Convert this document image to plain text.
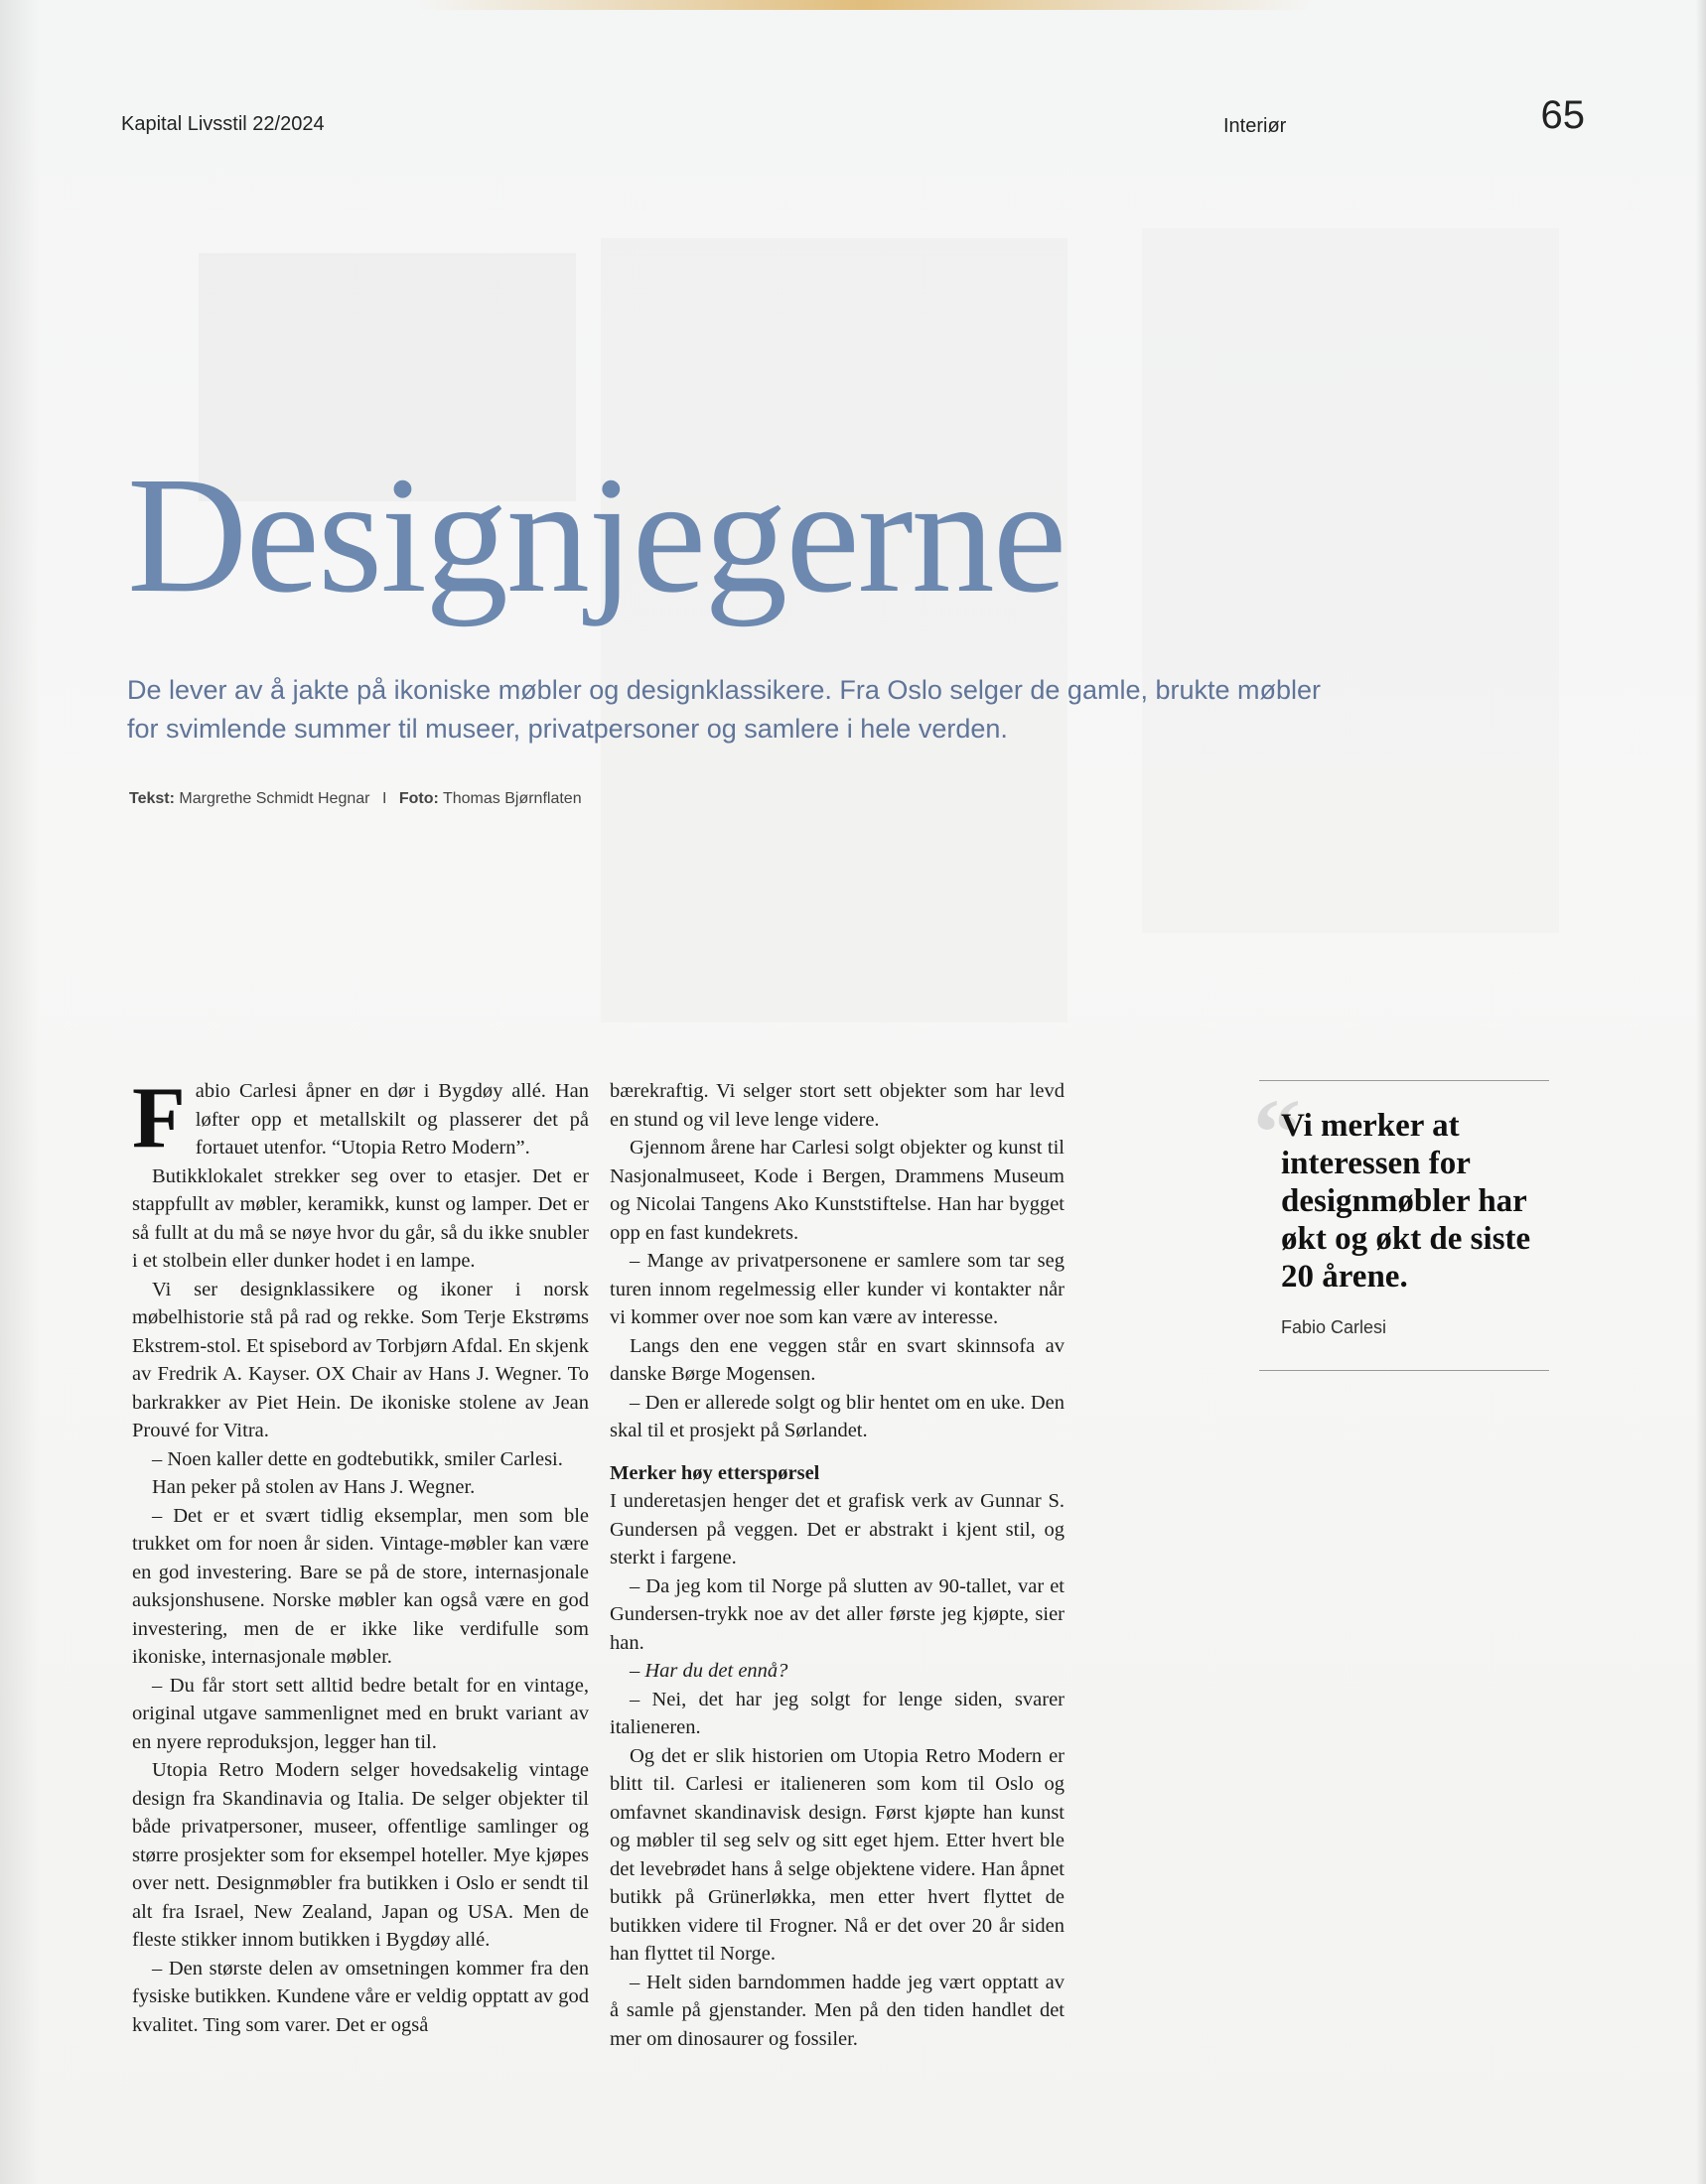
Kapital Livsstil 22/2024	Interiør	65
Designjegerne

De lever av å jakte på ikoniske møbler og designklassikere. Fra Oslo selger de gamle, brukte møbler for svimlende summer til museer, privatpersoner og samlere i hele verden.

Tekst: Margrethe Schmidt Hegnar I Foto: Thomas Bjørnflaten
F abio Carlesi åpner en dør i Bygdøy allé. Han løfter opp et metallskilt og plasserer det på fortauet utenfor. “Utopia Retro Modern”.

Butikklokalet strekker seg over to etasjer. Det er stappfullt av møbler, keramikk, kunst og lamper. Det er så fullt at du må se nøye hvor du går, så du ikke snubler i et stolbein eller dunker hodet i en lampe.

Vi ser designklassikere og ikoner i norsk møbelhistorie stå på rad og rekke. Som Terje Ekstrøms Ekstrem-stol. Et spisebord av Torbjørn Afdal. En skjenk av Fredrik A. Kayser. OX Chair av Hans J. Wegner. To barkrakker av Piet Hein. De ikoniske stolene av Jean Prouvé for Vitra.

– Noen kaller dette en godtebutikk, smiler Carlesi.

Han peker på stolen av Hans J. Wegner.

– Det er et svært tidlig eksemplar, men som ble trukket om for noen år siden. Vintage-møbler kan være en god investering. Bare se på de store, internasjonale auksjonshusene. Norske møbler kan også være en god investering, men de er ikke like verdifulle som ikoniske, internasjonale møbler.

– Du får stort sett alltid bedre betalt for en vintage, original utgave sammenlignet med en brukt variant av en nyere reproduksjon, legger han til.

Utopia Retro Modern selger hovedsakelig vintage design fra Skandinavia og Italia. De selger objekter til både privatpersoner, museer, offentlige samlinger og større prosjekter som for eksempel hoteller. Mye kjøpes over nett. Designmøbler fra butikken i Oslo er sendt til alt fra Israel, New Zealand, Japan og USA. Men de fleste stikker innom butikken i Bygdøy allé.

– Den største delen av omsetningen kommer fra den fysiske butikken. Kundene våre er veldig opptatt av god kvalitet. Ting som varer. Det er også

bærekraftig. Vi selger stort sett objekter som har levd en stund og vil leve lenge videre.

Gjennom årene har Carlesi solgt objekter og kunst til Nasjonalmuseet, Kode i Bergen, Drammens Museum og Nicolai Tangens Ako Kunststiftelse. Han har bygget opp en fast kundekrets.

– Mange av privatpersonene er samlere som tar seg turen innom regelmessig eller kunder vi kontakter når vi kommer over noe som kan være av interesse.

Langs den ene veggen står en svart skinnsofa av danske Børge Mogensen.

– Den er allerede solgt og blir hentet om en uke. Den skal til et prosjekt på Sørlandet.

Merker høy etterspørsel

I underetasjen henger det et grafisk verk av Gunnar S. Gundersen på veggen. Det er abstrakt i kjent stil, og sterkt i fargene.

– Da jeg kom til Norge på slutten av 90-tallet, var et Gundersen-trykk noe av det aller første jeg kjøpte, sier han.

– Har du det ennå?

– Nei, det har jeg solgt for lenge siden, svarer italieneren.

Og det er slik historien om Utopia Retro Modern er blitt til. Carlesi er italieneren som kom til Oslo og omfavnet skandinavisk design. Først kjøpte han kunst og møbler til seg selv og sitt eget hjem. Etter hvert ble det levebrødet hans å selge objektene videre. Han åpnet butikk på Grünerløkka, men etter hvert flyttet de butikken videre til Frogner. Nå er det over 20 år siden han flyttet til Norge.

– Helt siden barndommen hadde jeg vært opptatt av å samle på gjenstander. Men på den tiden handlet det mer om dinosaurer og fossiler.

“

Vi merker at interessen for designmøbler har økt og økt de siste 20 årene.

Fabio Carlesi
